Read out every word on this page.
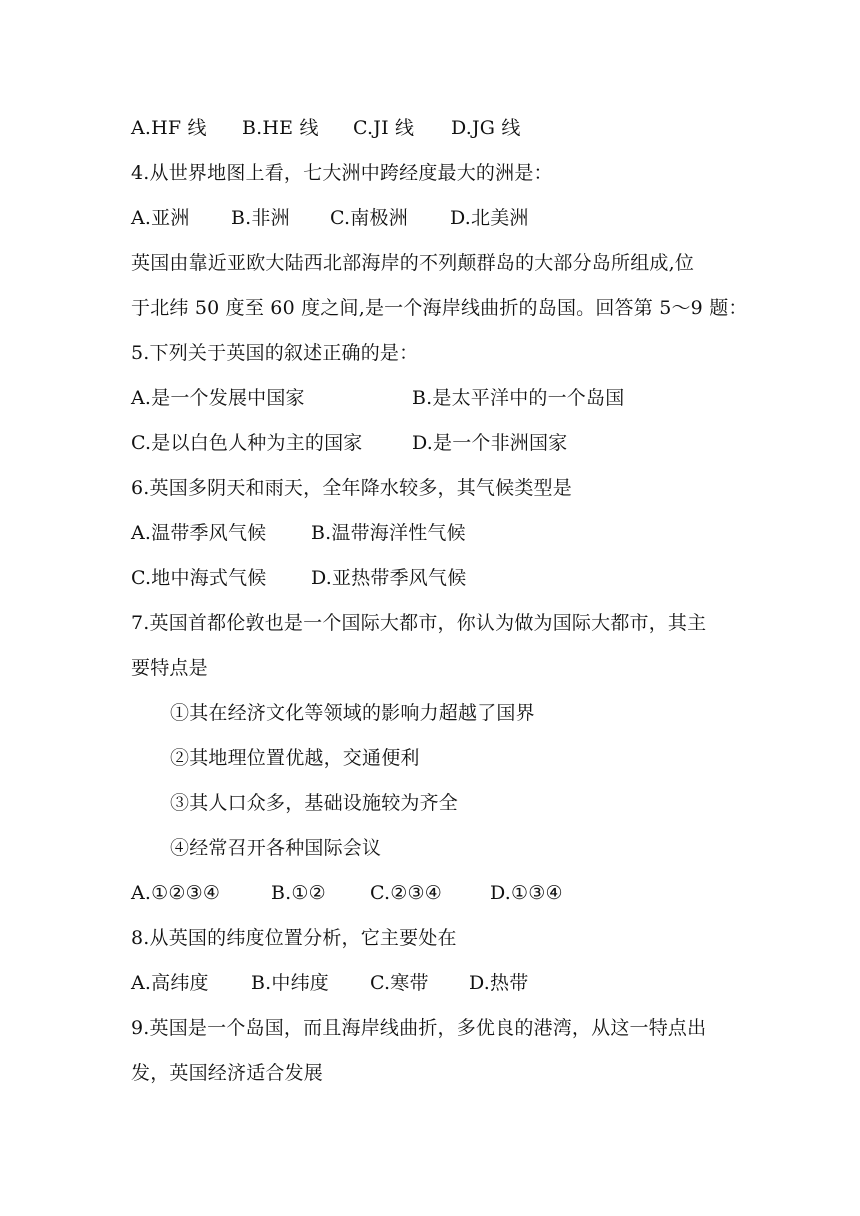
A.HF 线 B.HE 线 C.JI 线 D.JG 线
4.从世界地图上看，七大洲中跨经度最大的洲是：
A.亚洲 B.非洲 C.南极洲 D.北美洲
英国由靠近亚欧大陆西北部海岸的不列颠群岛的大部分岛所组成,位
于北纬 50 度至 60 度之间,是一个海岸线曲折的岛国。回答第 5～9 题：
5.下列关于英国的叙述正确的是：
A.是一个发展中国家	B.是太平洋中的一个岛国
C.是以白色人种为主的国家	D.是一个非洲国家
6.英国多阴天和雨天，全年降水较多，其气候类型是
A.温带季风气候 B.温带海洋性气候
C.地中海式气候 D.亚热带季风气候
7.英国首都伦敦也是一个国际大都市，你认为做为国际大都市，其主
要特点是
①其在经济文化等领域的影响力超越了国界
②其地理位置优越，交通便利
③其人口众多，基础设施较为齐全
④经常召开各种国际会议
A.①②③④	B.①② C.②③④	D.①③④
8.从英国的纬度位置分析，它主要处在
A.高纬度 B.中纬度 C.寒带 D.热带
9.英国是一个岛国，而且海岸线曲折，多优良的港湾，从这一特点出
发，英国经济适合发展
